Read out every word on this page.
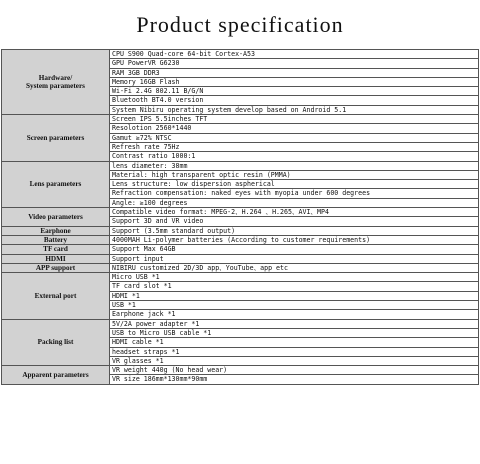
Product specification
Hardware/
System parameters	CPU S900 Quad-core 64-bit Cortex-A53
	GPU PowerVR G6230
	RAM 3GB DDR3
	Memory 16GB Flash
	Wi-Fi 2.4G 802.11 B/G/N
	Bluetooth BT4.0 version
	System Nibiru operating system develop based on Android 5.1
Screen parameters	Screen IPS 5.5inches TFT
	Resolotion 2560*1440
	Gamut ≥72% NTSC
	Refresh rate 75Hz
	Contrast ratio 1000:1
Lens parameters	lens diameter: 38mm
	Material: high transparent optic resin (PMMA)
	Lens structure: low dispersion aspherical
	Refraction compensation: naked eyes with myopia under 600 degrees
	Angle: ≥100 degrees
Video parameters	Compatible video format: MPEG-2、H.264 、H.265、AVI、MP4
	Support 3D and VR video
Earphone	Support (3.5mm standard output)
Battery	4000MAH Li-polymer batteries (According to customer requirements)
TF card	Support Max 64GB
HDMI	Support input
APP support	NIBIRU customized 2D/3D app、YouTube、app etc
External port	Micro USB *1
	TF card slot *1
	HDMI *1
	USB *1
	Earphone jack *1
Packing list	5V/2A power adapter *1
	USB to Micro USB cable *1
	HDMI cable *1
	headset straps *1
	VR glasses *1
Apparent parameters	VR weight 440g (No head wear)
	VR size 186mm*130mm*90mm
